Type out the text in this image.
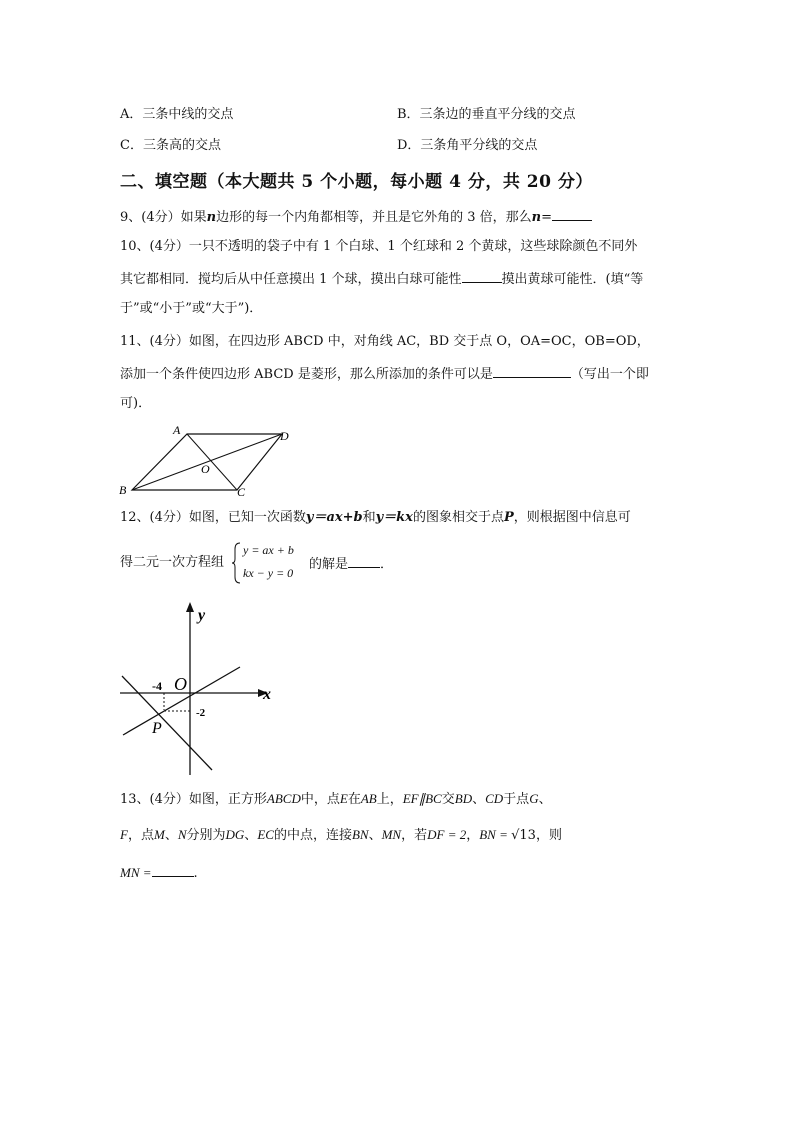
A．三条中线的交点	B．三条边的垂直平分线的交点
C．三条高的交点	D．三条角平分线的交点
二、填空题（本大题共 5 个小题，每小题 4 分，共 20 分）
9、(4分）如果n边形的每一个内角都相等，并且是它外角的 3 倍，那么n=
10、(4分）一只不透明的袋子中有 1 个白球、1 个红球和 2 个黄球，这些球除颜色不同外
其它都相同．搅均后从中任意摸出 1 个球，摸出白球可能性	摸出黄球可能性．(填“等
于”或“小于”或“大于”)．
11、(4分）如图，在四边形 ABCD 中，对角线 AC，BD 交于点 O，OA=OC，OB=OD，
添加一个条件使四边形 ABCD 是菱形，那么所添加的条件可以是	（写出一个即
可)．
A
B	C
D
O
12、(4分）如图，已知一次函数y＝ax+b和y＝kx的图象相交于点P，则根据图中信息可
得二元一次方程组
y = ax + b
kx − y = 0
的解是 ．
y
x
O
-4
-2
P
13、(4分）如图，正方形ABCD中，点E在AB上，EF∥BC交BD、CD于点G、
F，点M、N分别为DG、EC的中点，连接BN、MN，若DF = 2，BN = √13，则
MN =	.
